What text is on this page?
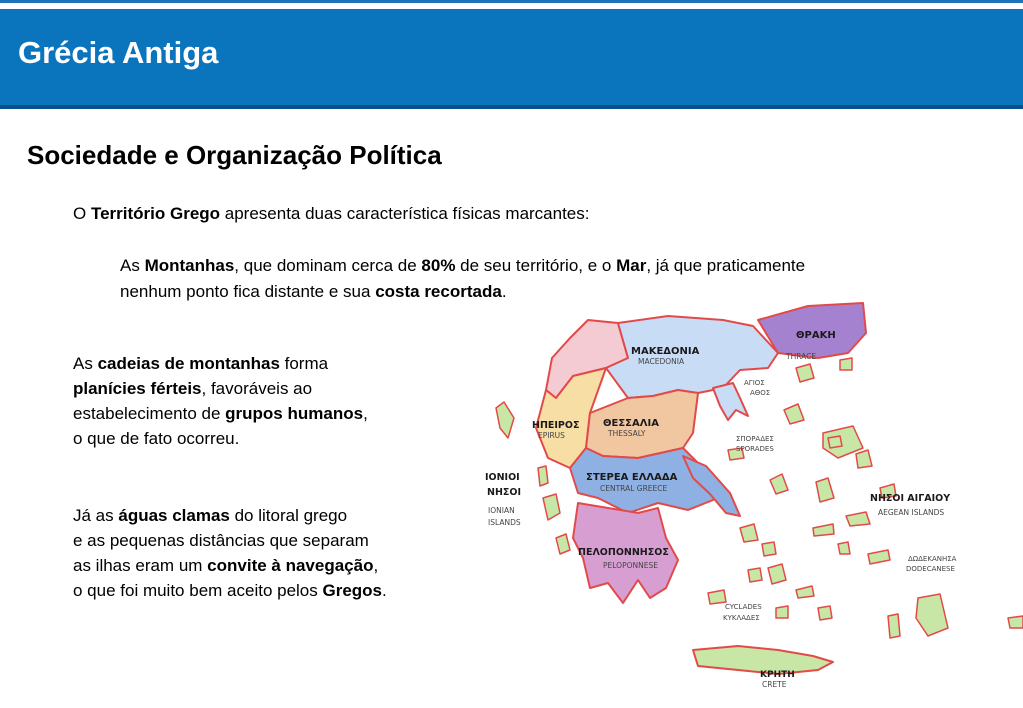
Grécia Antiga
Sociedade e Organização Política
O Território Grego apresenta duas característica físicas marcantes:
As Montanhas, que dominam cerca de 80% de seu território, e o Mar, já que praticamente
nenhum ponto fica distante e sua costa recortada.
As cadeias de montanhas forma
planícies férteis, favoráveis ao
estabelecimento de grupos humanos,
o que de fato ocorreu.
Já as águas clamas do litoral grego
e as pequenas distâncias que separam
as ilhas eram um convite à navegação,
o que foi muito bem aceito pelos Gregos.
ΜΑΚΕΔΟΝΙΑ
MACEDONIA
ΘΡΑΚΗ
THRACE
ΗΠΕΙΡΟΣ
EPIRUS
ΘΕΣΣΑΛΙΑ
THESSALY
ΣΤΕΡΕΑ ΕΛΛΑΔΑ
CENTRAL GREECE
ΠΕΛΟΠΟΝΝΗΣΟΣ
PELOPONNESE
ΚΡΗΤΗ
CRETE
ΙΟΝΙΟΙ
ΝΗΣΟΙ
IONIAN
ISLANDS
ΝΗΣΟΙ ΑΙΓΑΙΟΥ
AEGEAN ISLANDS
ΑΓΙΟΣ
ΑΘΟΣ
ΣΠΟΡΑΔΕΣ
SPORADES
ΔΩΔΕΚΑΝΗΣΑ
DODECANESE
CYCLADES
ΚΥΚΛΑΔΕΣ
